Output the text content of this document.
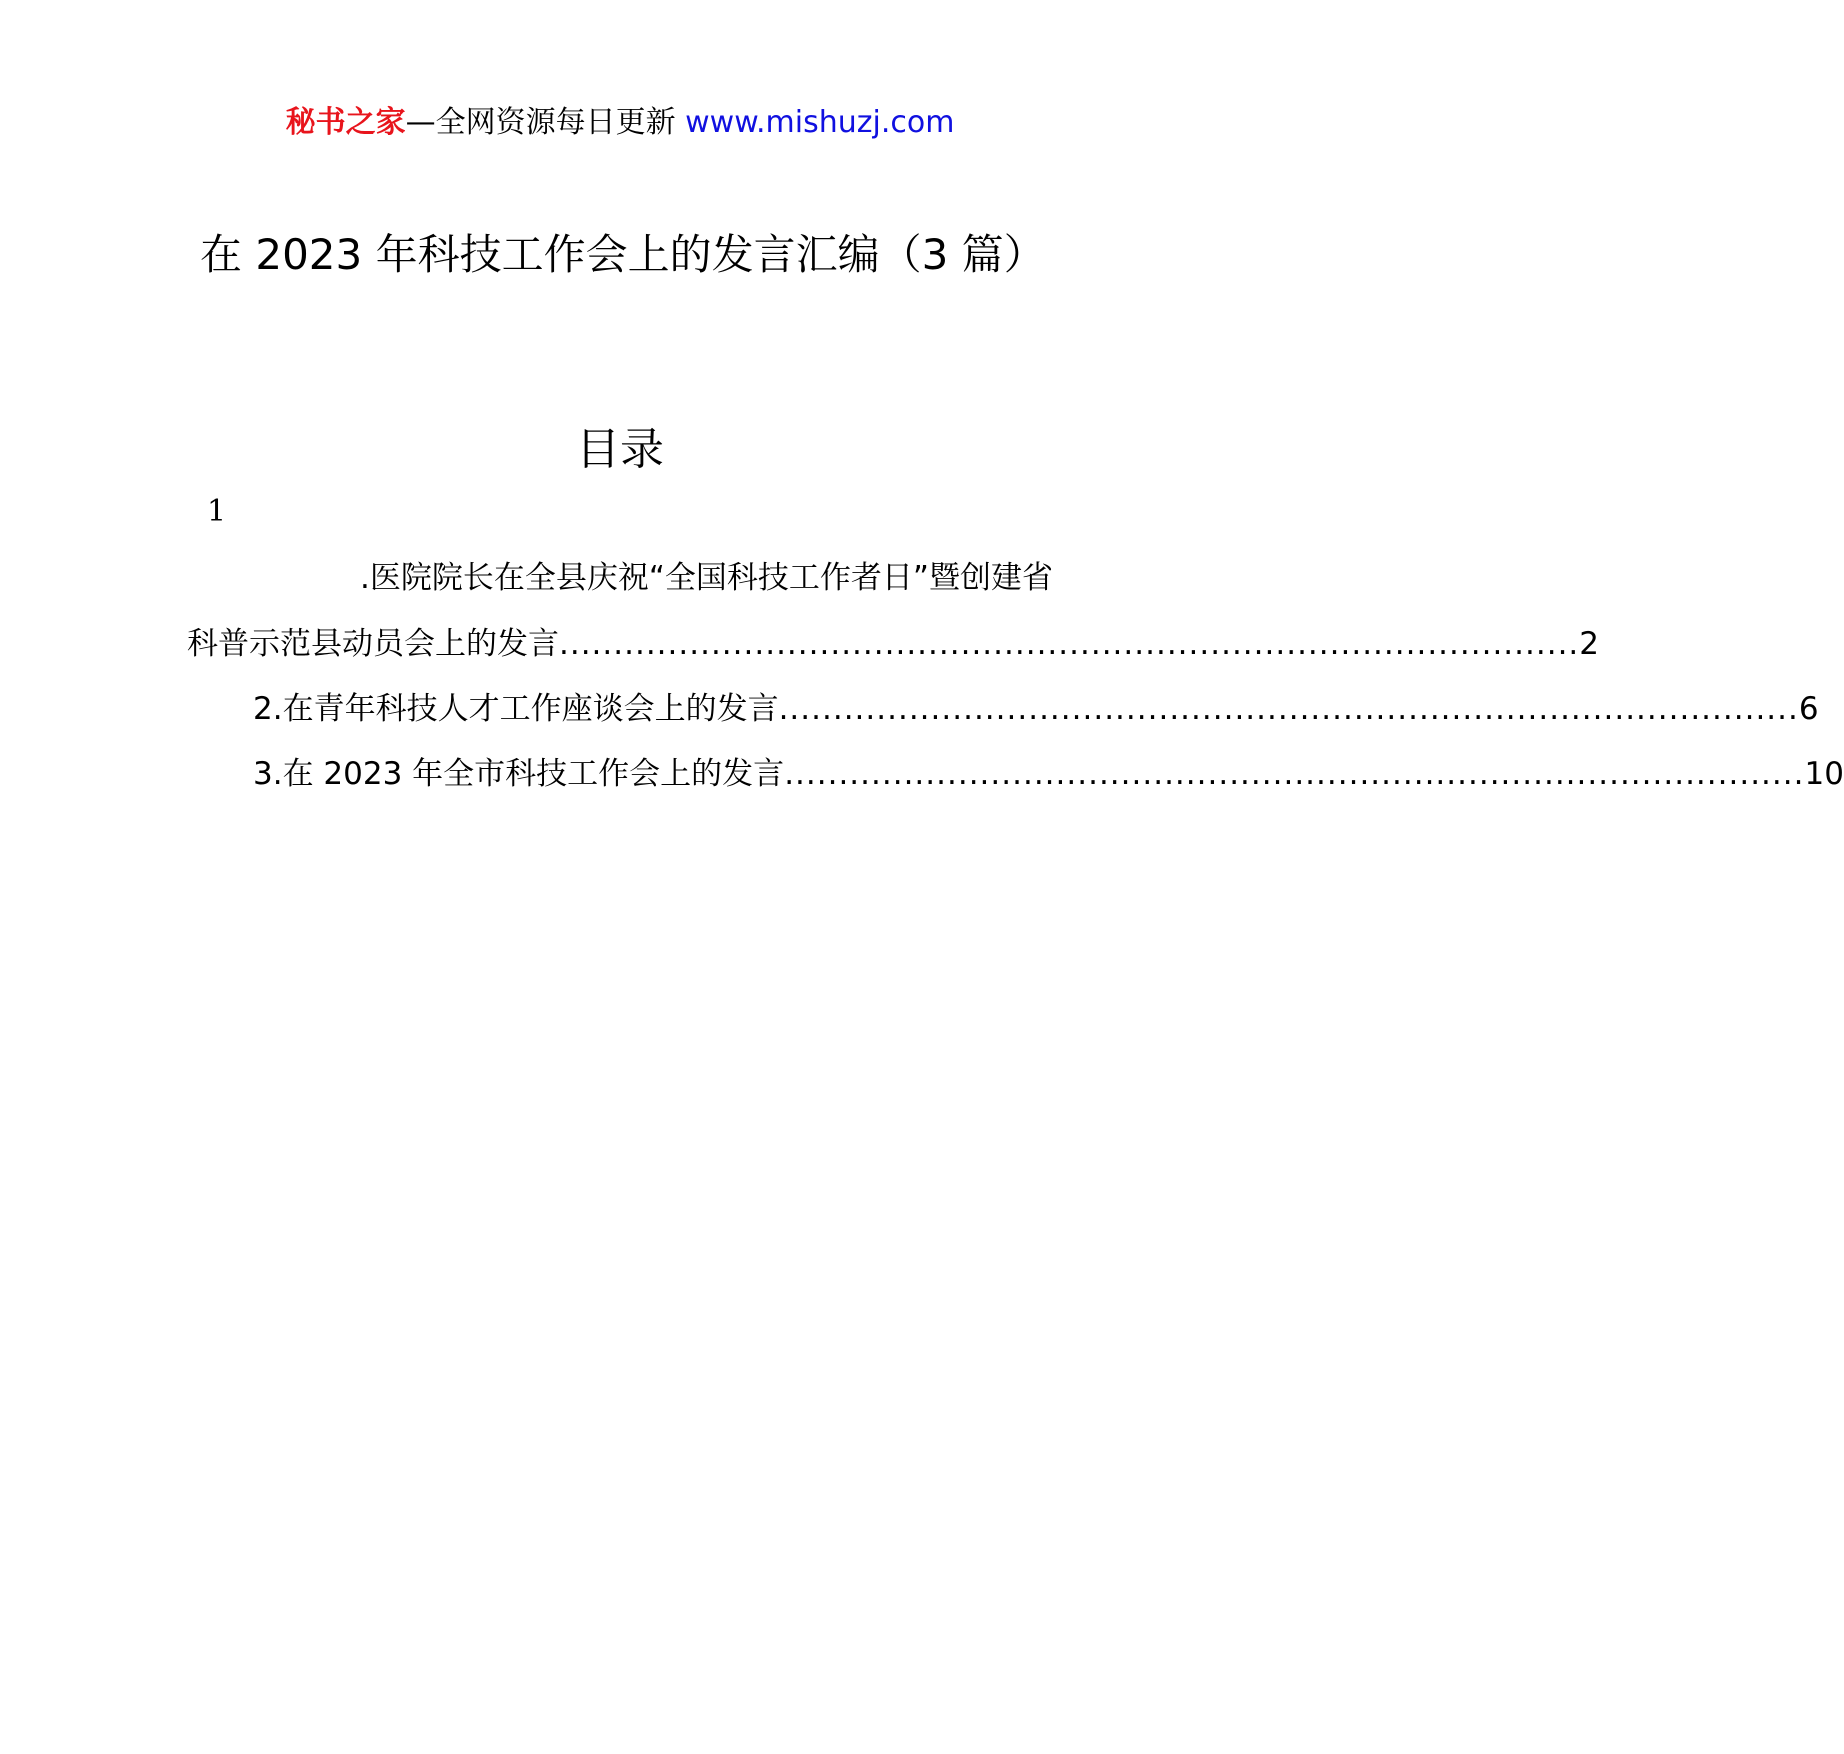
秘书之家—全网资源每日更新 www.mishuzj.com
在 2023 年科技工作会上的发言汇编（3 篇）
目录
1
.医院院长在全县庆祝“全国科技工作者日”暨创建省
科普示范县动员会上的发言 .............................................................................................. 2
2.在青年科技人才工作座谈会上的发言 .............................................................................................. 6
3.在 2023 年全市科技工作会上的发言 .............................................................................................. 10
